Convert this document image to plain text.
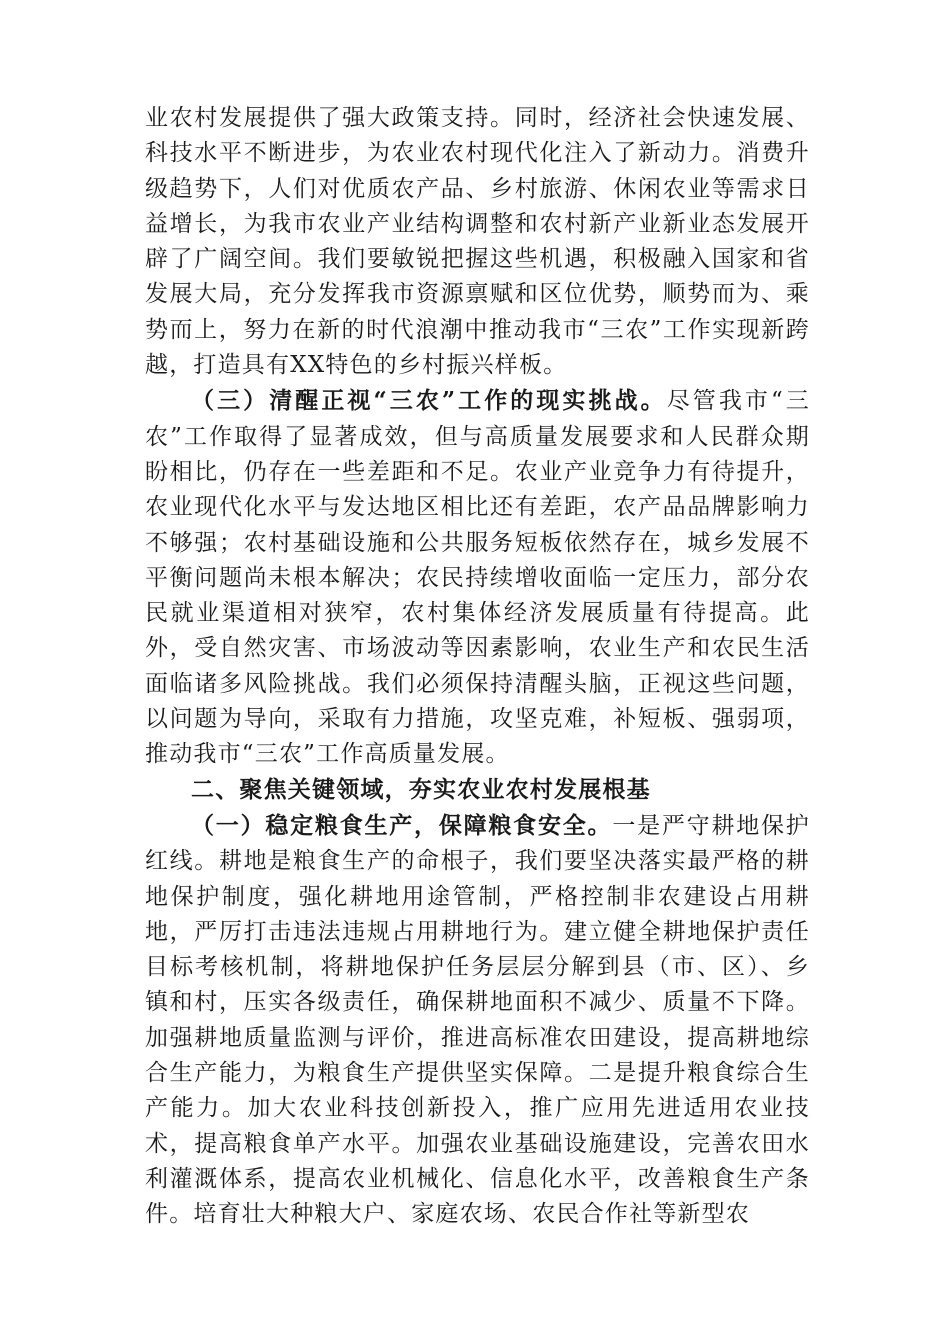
业农村发展提供了强大政策支持。同时，经济社会快速发展、科技水平不断进步，为农业农村现代化注入了新动力。消费升级趋势下，人们对优质农产品、乡村旅游、休闲农业等需求日益增长，为我市农业产业结构调整和农村新产业新业态发展开辟了广阔空间。我们要敏锐把握这些机遇，积极融入国家和省发展大局，充分发挥我市资源禀赋和区位优势，顺势而为、乘势而上，努力在新的时代浪潮中推动我市“三农”工作实现新跨越，打造具有XX特色的乡村振兴样板。

（三）清醒正视“三农”工作的现实挑战。尽管我市“三农”工作取得了显著成效，但与高质量发展要求和人民群众期盼相比，仍存在一些差距和不足。农业产业竞争力有待提升，农业现代化水平与发达地区相比还有差距，农产品品牌影响力不够强；农村基础设施和公共服务短板依然存在，城乡发展不平衡问题尚未根本解决；农民持续增收面临一定压力，部分农民就业渠道相对狭窄，农村集体经济发展质量有待提高。此外，受自然灾害、市场波动等因素影响，农业生产和农民生活面临诸多风险挑战。我们必须保持清醒头脑，正视这些问题，以问题为导向，采取有力措施，攻坚克难，补短板、强弱项，推动我市“三农”工作高质量发展。

二、聚焦关键领域，夯实农业农村发展根基

（一）稳定粮食生产，保障粮食安全。一是严守耕地保护红线。耕地是粮食生产的命根子，我们要坚决落实最严格的耕地保护制度，强化耕地用途管制，严格控制非农建设占用耕地，严厉打击违法违规占用耕地行为。建立健全耕地保护责任目标考核机制，将耕地保护任务层层分解到县（市、区）、乡镇和村，压实各级责任，确保耕地面积不减少、质量不下降。加强耕地质量监测与评价，推进高标准农田建设，提高耕地综合生产能力，为粮食生产提供坚实保障。二是提升粮食综合生产能力。加大农业科技创新投入，推广应用先进适用农业技术，提高粮食单产水平。加强农业基础设施建设，完善农田水利灌溉体系，提高农业机械化、信息化水平，改善粮食生产条件。培育壮大种粮大户、家庭农场、农民合作社等新型农
